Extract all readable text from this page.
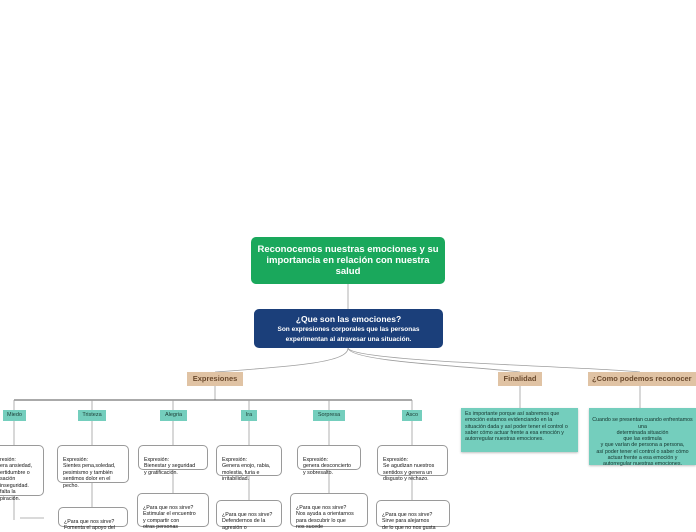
Reconocemos nuestras emociones y su importancia en relación con nuestra salud
¿Que son las emociones?
Son expresiones corporales que las personas experimentan al atravesar una situación.
Expresiones	Finalidad	¿Como podemos reconocer
Miedo	Tristeza	Alegria	Ira	Sorpresa	Asco

resión:
era ansiedad,
ertidumbre o
sación
inseguridad.
falta la
piración.

Expresión:
Sientes pena,soledad,
pesimismo y también
sentimos dolor en el
pecho.

Expresión:
Bienestar y seguridad
y gratificación.

Expresión:
Genera enojo, rabia,
molestia, furia e
irritabilidad.

Expresión:
genera desconcierto
y sobresalto.

Expresión:
Se agudizan nuestros
sentidos y genera un
disgusto y rechazo.

¿Para que nos sirve?
Fomenta el apoyo del

¿Para que nos sirve?
Estimular el encuentro
y compartir con
otras personas

¿Para que nos sirve?
Defendernos de la
agresión o

¿Para que nos sirve?
Nos ayuda a orientarnos
para descubrir lo que
nos sucede

¿Para que nos sirve?
Sirve para alejarnos
de lo que no nos gusta

Es importante porque así sabremos que emoción estamos evidenciando en la situación dada y así poder tener el control o saber cómo actuar frente a esa emoción y autorregular nuestras emociones.

Cuando se presentan cuando enfrentamos una
determinada situación
que las estimula
y que varían de persona a persona,
así poder tener el control o saber cómo
actuar frente a esa emoción y
autorregular nuestras emociones.
